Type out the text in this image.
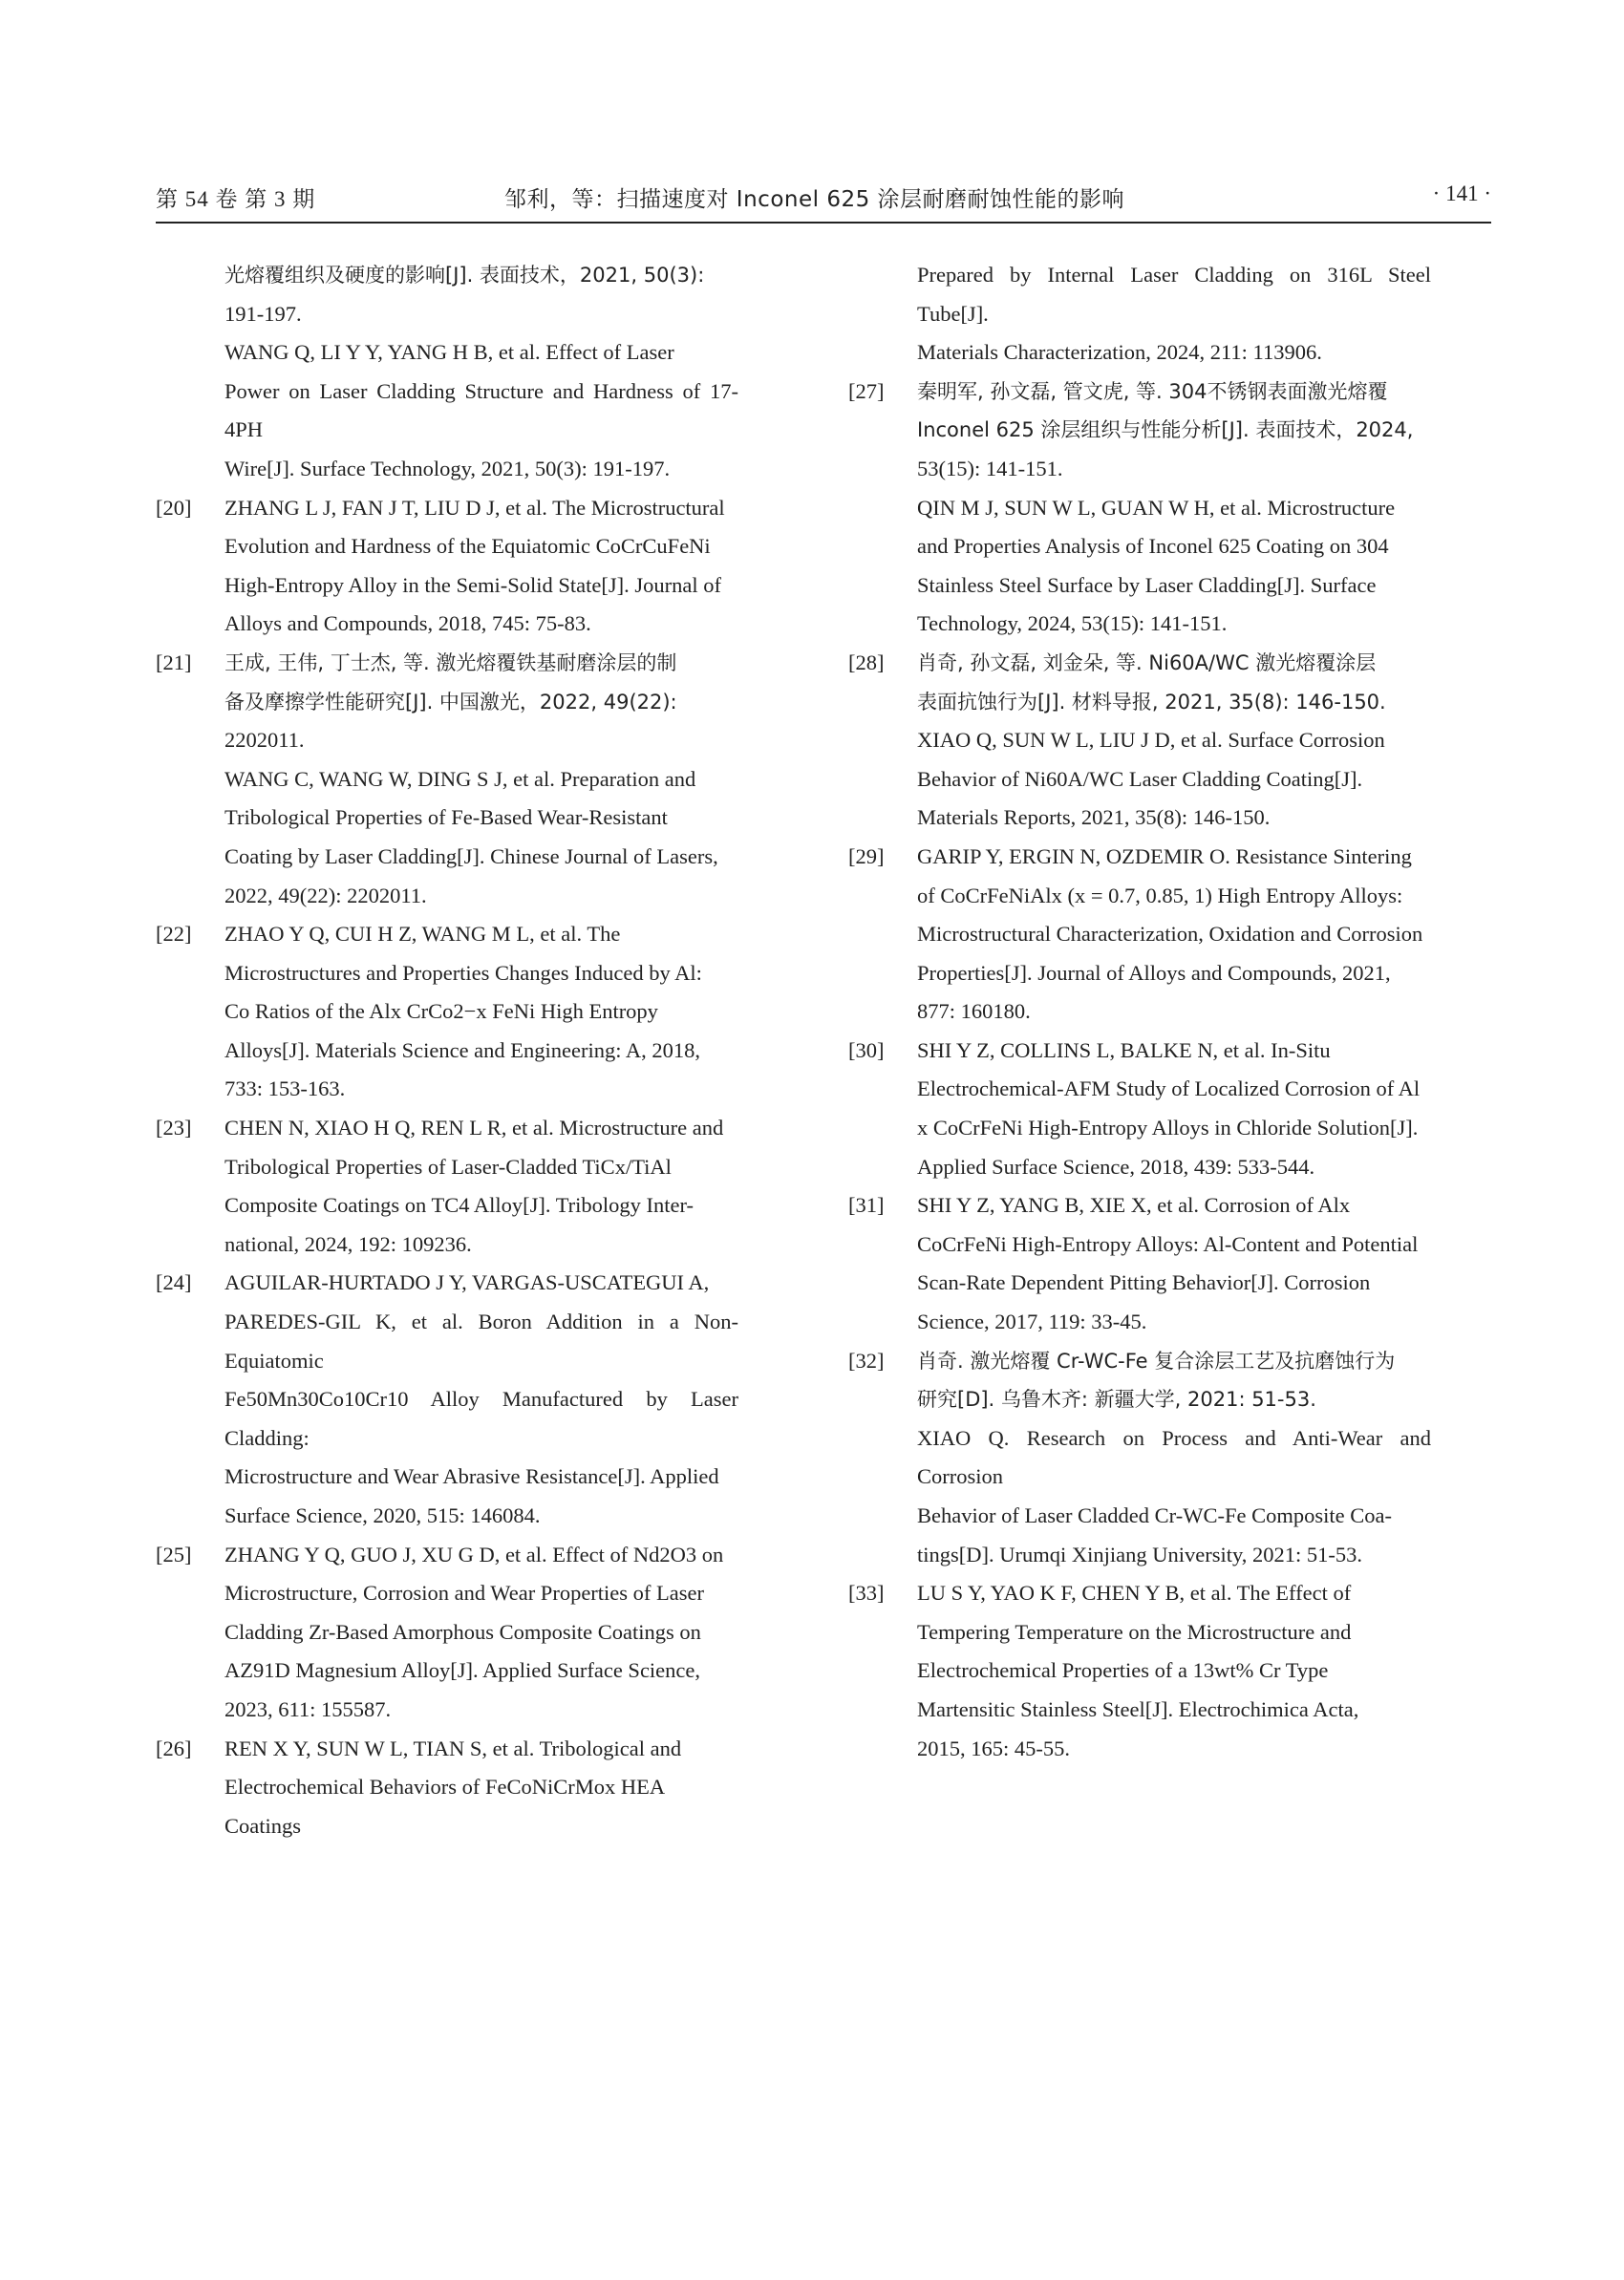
第 54 卷 第 3 期	邹利，等：扫描速度对 Inconel 625 涂层耐磨耐蚀性能的影响	· 141 ·
光熔覆组织及硬度的影响[J]. 表面技术，2021, 50(3):
191-197.
WANG Q, LI Y Y, YANG H B, et al. Effect of Laser
Power on Laser Cladding Structure and Hardness of 17-4PH
Wire[J]. Surface Technology, 2021, 50(3): 191-197.
[20] ZHANG L J, FAN J T, LIU D J, et al. The Microstructural
Evolution and Hardness of the Equiatomic CoCrCuFeNi
High-Entropy Alloy in the Semi-Solid State[J]. Journal of
Alloys and Compounds, 2018, 745: 75-83.
[21] 王成, 王伟, 丁士杰, 等. 激光熔覆铁基耐磨涂层的制
备及摩擦学性能研究[J]. 中国激光，2022, 49(22):
2202011.
WANG C, WANG W, DING S J, et al. Preparation and
Tribological Properties of Fe-Based Wear-Resistant
Coating by Laser Cladding[J]. Chinese Journal of Lasers,
2022, 49(22): 2202011.
[22] ZHAO Y Q, CUI H Z, WANG M L, et al. The
Microstructures and Properties Changes Induced by Al:
Co Ratios of the Alx CrCo2−x FeNi High Entropy
Alloys[J]. Materials Science and Engineering: A, 2018,
733: 153-163.
[23] CHEN N, XIAO H Q, REN L R, et al. Microstructure and
Tribological Properties of Laser-Cladded TiCx/TiAl
Composite Coatings on TC4 Alloy[J]. Tribology Inter-
national, 2024, 192: 109236.
[24] AGUILAR-HURTADO J Y, VARGAS-USCATEGUI A,
PAREDES-GIL K, et al. Boron Addition in a Non-Equiatomic
Fe50Mn30Co10Cr10 Alloy Manufactured by Laser Cladding:
Microstructure and Wear Abrasive Resistance[J]. Applied
Surface Science, 2020, 515: 146084.
[25] ZHANG Y Q, GUO J, XU G D, et al. Effect of Nd2O3 on
Microstructure, Corrosion and Wear Properties of Laser
Cladding Zr-Based Amorphous Composite Coatings on
AZ91D Magnesium Alloy[J]. Applied Surface Science,
2023, 611: 155587.
[26] REN X Y, SUN W L, TIAN S, et al. Tribological and
Electrochemical Behaviors of FeCoNiCrMox HEA Coatings
Prepared by Internal Laser Cladding on 316L Steel Tube[J].
Materials Characterization, 2024, 211: 113906.
[27] 秦明军, 孙文磊, 管文虎, 等. 304不锈钢表面激光熔覆
Inconel 625 涂层组织与性能分析[J]. 表面技术，2024,
53(15): 141-151.
QIN M J, SUN W L, GUAN W H, et al. Microstructure
and Properties Analysis of Inconel 625 Coating on 304
Stainless Steel Surface by Laser Cladding[J]. Surface
Technology, 2024, 53(15): 141-151.
[28] 肖奇, 孙文磊, 刘金朵, 等. Ni60A/WC 激光熔覆涂层
表面抗蚀行为[J]. 材料导报, 2021, 35(8): 146-150.
XIAO Q, SUN W L, LIU J D, et al. Surface Corrosion
Behavior of Ni60A/WC Laser Cladding Coating[J].
Materials Reports, 2021, 35(8): 146-150.
[29] GARIP Y, ERGIN N, OZDEMIR O. Resistance Sintering
of CoCrFeNiAlx (x = 0.7, 0.85, 1) High Entropy Alloys:
Microstructural Characterization, Oxidation and Corrosion
Properties[J]. Journal of Alloys and Compounds, 2021,
877: 160180.
[30] SHI Y Z, COLLINS L, BALKE N, et al. In-Situ
Electrochemical-AFM Study of Localized Corrosion of Al
x CoCrFeNi High-Entropy Alloys in Chloride Solution[J].
Applied Surface Science, 2018, 439: 533-544.
[31] SHI Y Z, YANG B, XIE X, et al. Corrosion of Alx
CoCrFeNi High-Entropy Alloys: Al-Content and Potential
Scan-Rate Dependent Pitting Behavior[J]. Corrosion
Science, 2017, 119: 33-45.
[32] 肖奇. 激光熔覆 Cr-WC-Fe 复合涂层工艺及抗磨蚀行为
研究[D]. 乌鲁木齐: 新疆大学, 2021: 51-53.
XIAO Q. Research on Process and Anti-Wear and Corrosion
Behavior of Laser Cladded Cr-WC-Fe Composite Coa-
tings[D]. Urumqi Xinjiang University, 2021: 51-53.
[33] LU S Y, YAO K F, CHEN Y B, et al. The Effect of
Tempering Temperature on the Microstructure and
Electrochemical Properties of a 13wt% Cr Type
Martensitic Stainless Steel[J]. Electrochimica Acta,
2015, 165: 45-55.
